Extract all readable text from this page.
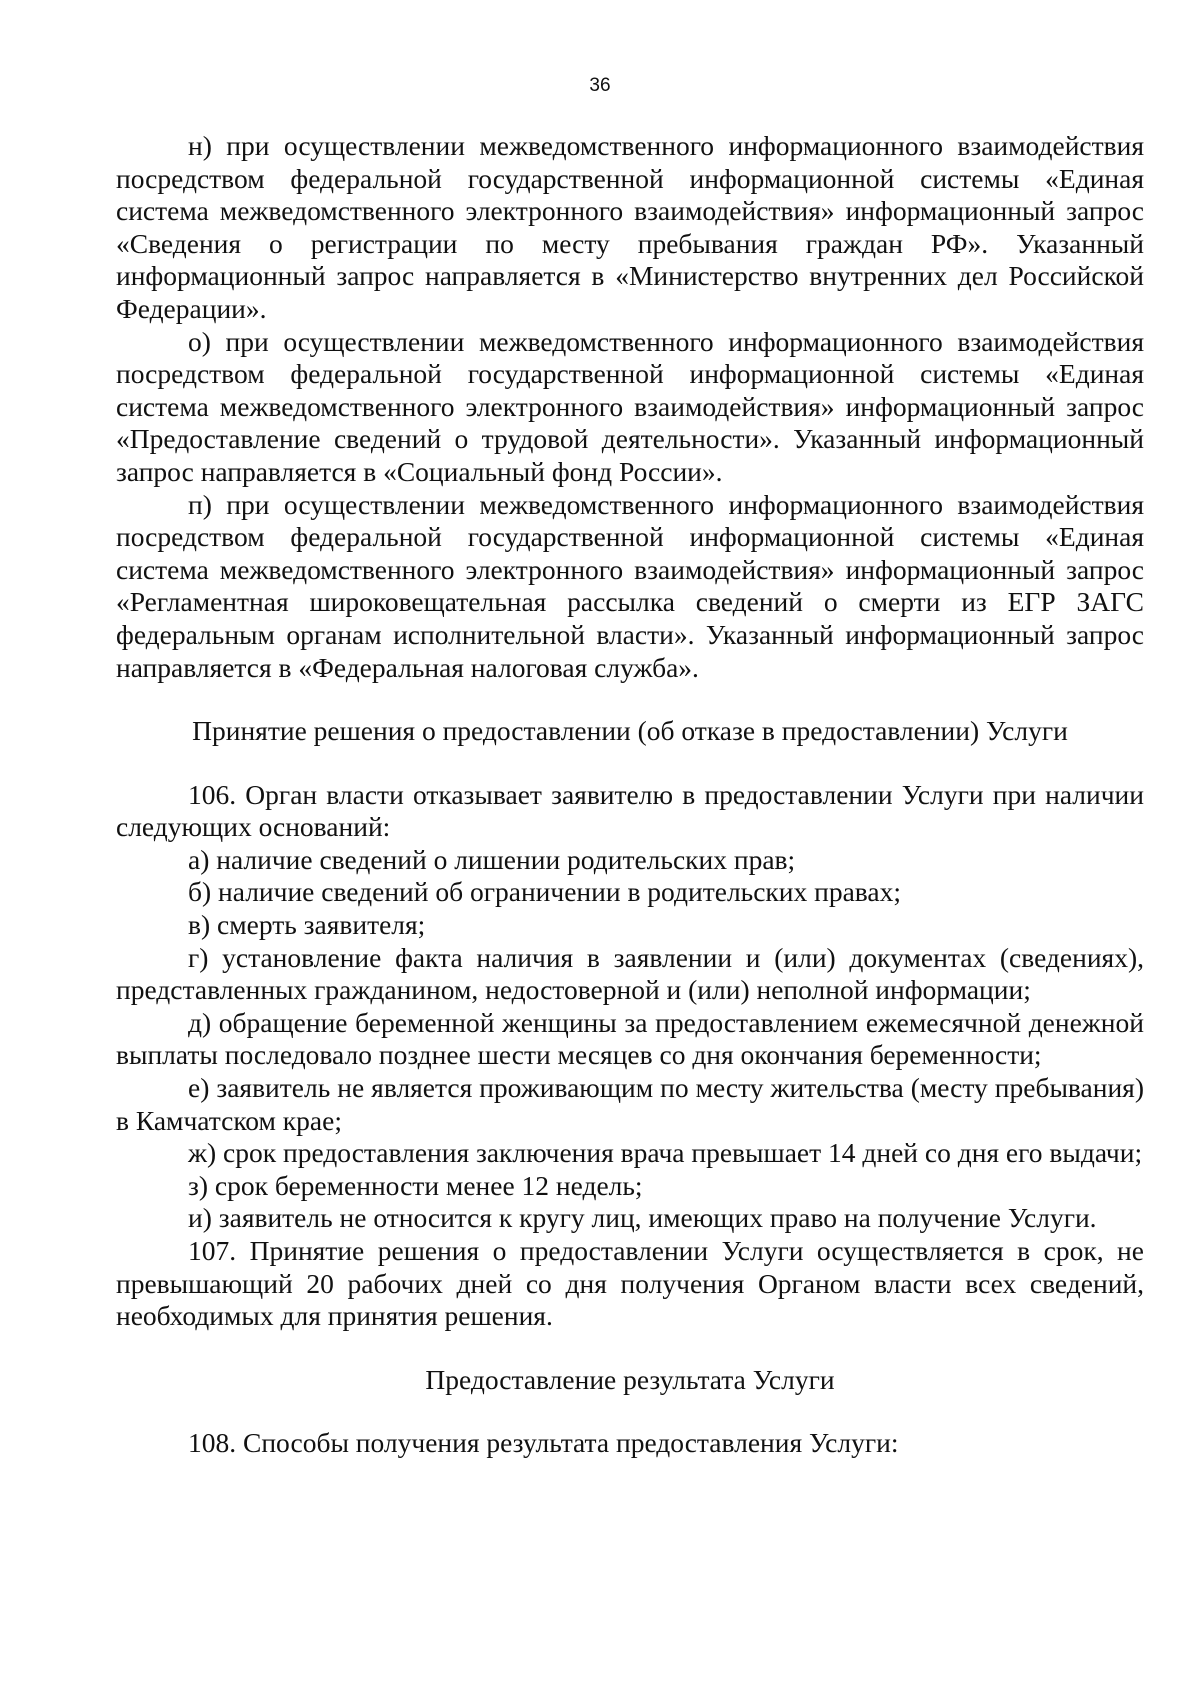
36

н) при осуществлении межведомственного информационного взаимодействия посредством федеральной государственной информационной системы «Единая система межведомственного электронного взаимодействия» информационный запрос «Сведения о регистрации по месту пребывания граждан РФ». Указанный информационный запрос направляется в «Министерство внутренних дел Российской Федерации».

о) при осуществлении межведомственного информационного взаимодействия посредством федеральной государственной информационной системы «Единая система межведомственного электронного взаимодействия» информационный запрос «Предоставление сведений о трудовой деятельности». Указанный информационный запрос направляется в «Социальный фонд России».

п) при осуществлении межведомственного информационного взаимодействия посредством федеральной государственной информационной системы «Единая система межведомственного электронного взаимодействия» информационный запрос «Регламентная широковещательная рассылка сведений о смерти из ЕГР ЗАГС федеральным органам исполнительной власти». Указанный информационный запрос направляется в «Федеральная налоговая служба».

Принятие решения о предоставлении (об отказе в предоставлении) Услуги

106. Орган власти отказывает заявителю в предоставлении Услуги при наличии следующих оснований:

а) наличие сведений о лишении родительских прав;

б) наличие сведений об ограничении в родительских правах;

в) смерть заявителя;

г) установление факта наличия в заявлении и (или) документах (сведениях), представленных гражданином, недостоверной и (или) неполной информации;

д) обращение беременной женщины за предоставлением ежемесячной денежной выплаты последовало позднее шести месяцев со дня окончания беременности;

е) заявитель не является проживающим по месту жительства (месту пребывания) в Камчатском крае;

ж) срок предоставления заключения врача превышает 14 дней со дня его выдачи;

з) срок беременности менее 12 недель;

и) заявитель не относится к кругу лиц, имеющих право на получение Услуги.

107. Принятие решения о предоставлении Услуги осуществляется в срок, не превышающий 20 рабочих дней со дня получения Органом власти всех сведений, необходимых для принятия решения.

Предоставление результата Услуги

108. Способы получения результата предоставления Услуги:
